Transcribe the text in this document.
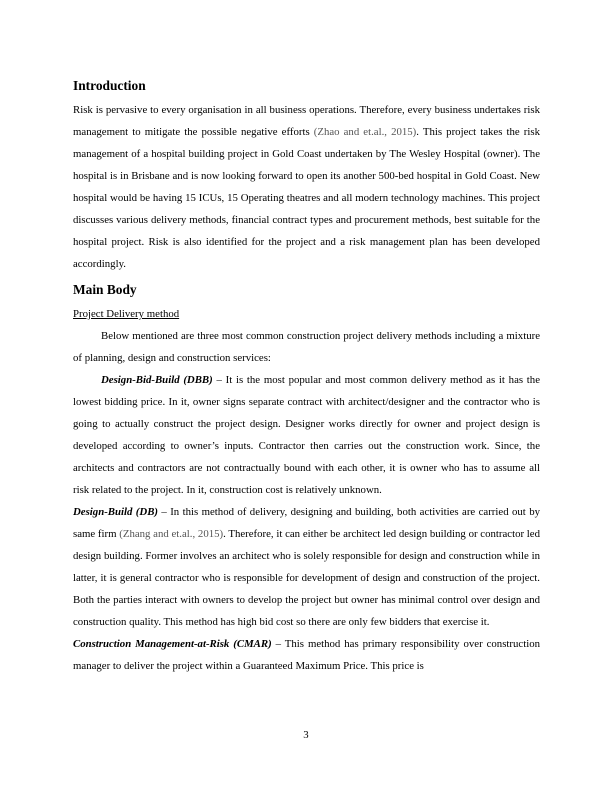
Introduction

Risk is pervasive to every organisation in all business operations. Therefore, every business undertakes risk management to mitigate the possible negative efforts (Zhao and et.al., 2015). This project takes the risk management of a hospital building project in Gold Coast undertaken by The Wesley Hospital (owner). The hospital is in Brisbane and is now looking forward to open its another 500-bed hospital in Gold Coast. New hospital would be having 15 ICUs, 15 Operating theatres and all modern technology machines. This project discusses various delivery methods, financial contract types and procurement methods, best suitable for the hospital project. Risk is also identified for the project and a risk management plan has been developed accordingly.

Main Body
Project Delivery method

Below mentioned are three most common construction project delivery methods including a mixture of planning, design and construction services:

Design-Bid-Build (DBB) – It is the most popular and most common delivery method as it has the lowest bidding price. In it, owner signs separate contract with architect/designer and the contractor who is going to actually construct the project design. Designer works directly for owner and project design is developed according to owner’s inputs. Contractor then carries out the construction work. Since, the architects and contractors are not contractually bound with each other, it is owner who has to assume all risk related to the project. In it, construction cost is relatively unknown.

Design-Build (DB) – In this method of delivery, designing and building, both activities are carried out by same firm (Zhang and et.al., 2015). Therefore, it can either be architect led design building or contractor led design building. Former involves an architect who is solely responsible for design and construction while in latter, it is general contractor who is responsible for development of design and construction of the project. Both the parties interact with owners to develop the project but owner has minimal control over design and construction quality. This method has high bid cost so there are only few bidders that exercise it.

Construction Management-at-Risk (CMAR) – This method has primary responsibility over construction manager to deliver the project within a Guaranteed Maximum Price. This price is

3
